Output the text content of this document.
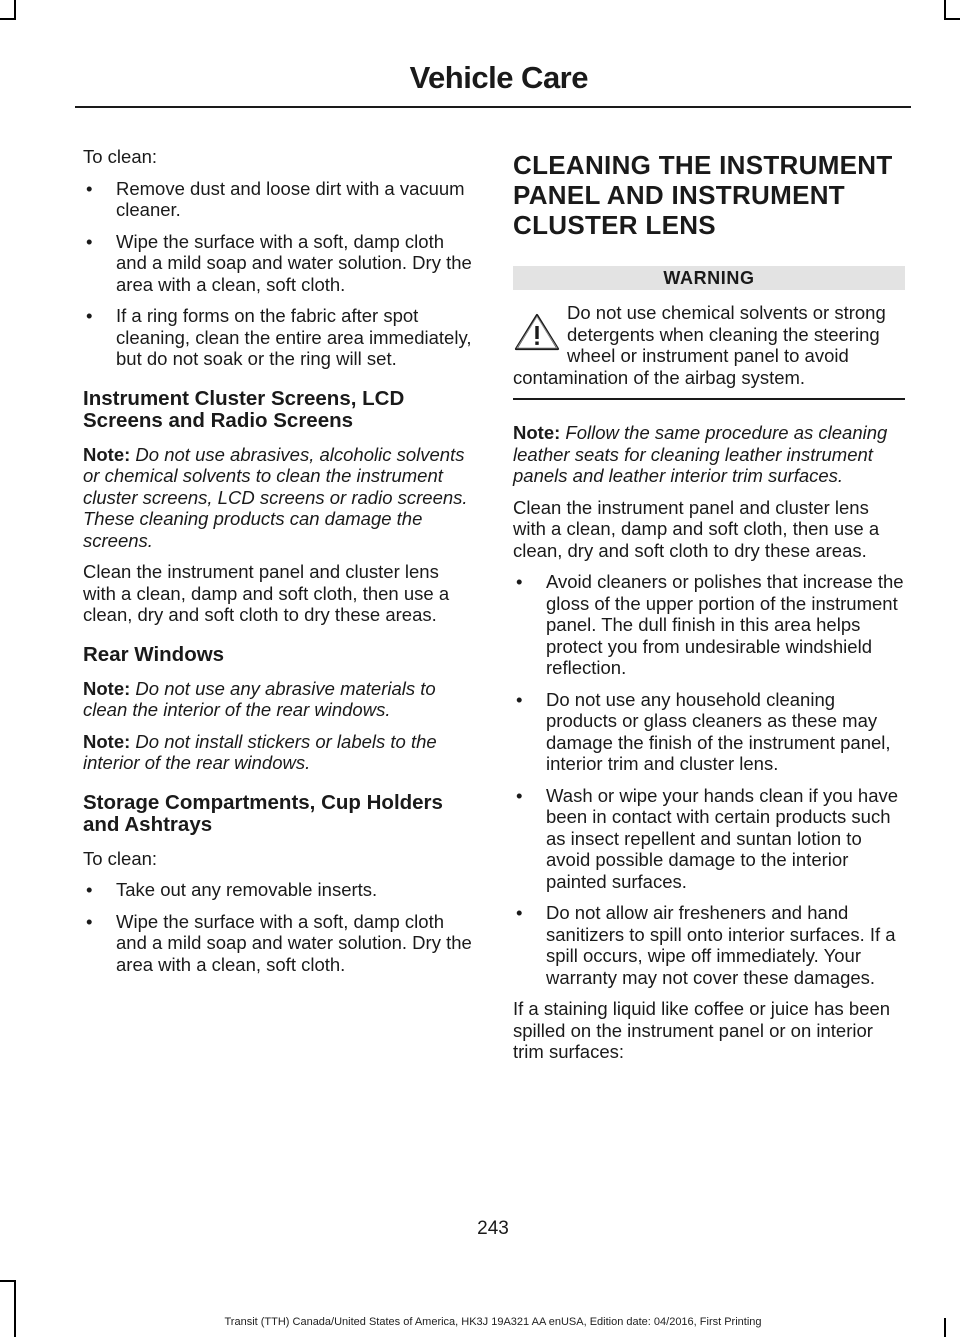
Vehicle Care

To clean:

• Remove dust and loose dirt with a vacuum cleaner.
• Wipe the surface with a soft, damp cloth and a mild soap and water solution. Dry the area with a clean, soft cloth.
• If a ring forms on the fabric after spot cleaning, clean the entire area immediately, but do not soak or the ring will set.
Instrument Cluster Screens, LCD Screens and Radio Screens

Note: Do not use abrasives, alcoholic solvents or chemical solvents to clean the instrument cluster screens, LCD screens or radio screens. These cleaning products can damage the screens.

Clean the instrument panel and cluster lens with a clean, damp and soft cloth, then use a clean, dry and soft cloth to dry these areas.

Rear Windows

Note: Do not use any abrasive materials to clean the interior of the rear windows.

Note: Do not install stickers or labels to the interior of the rear windows.

Storage Compartments, Cup Holders and Ashtrays

To clean:

• Take out any removable inserts.
• Wipe the surface with a soft, damp cloth and a mild soap and water solution. Dry the area with a clean, soft cloth.
CLEANING THE INSTRUMENT PANEL AND INSTRUMENT CLUSTER LENS
WARNING

Do not use chemical solvents or strong detergents when cleaning the steering wheel or instrument panel to avoid contamination of the airbag system.

Note: Follow the same procedure as cleaning leather seats for cleaning leather instrument panels and leather interior trim surfaces.

Clean the instrument panel and cluster lens with a clean, damp and soft cloth, then use a clean, dry and soft cloth to dry these areas.

• Avoid cleaners or polishes that increase the gloss of the upper portion of the instrument panel. The dull finish in this area helps protect you from undesirable windshield reflection.
• Do not use any household cleaning products or glass cleaners as these may damage the finish of the instrument panel, interior trim and cluster lens.
• Wash or wipe your hands clean if you have been in contact with certain products such as insect repellent and suntan lotion to avoid possible damage to the interior painted surfaces.
• Do not allow air fresheners and hand sanitizers to spill onto interior surfaces. If a spill occurs, wipe off immediately. Your warranty may not cover these damages.

If a staining liquid like coffee or juice has been spilled on the instrument panel or on interior trim surfaces:

243
Transit (TTH) Canada/United States of America, HK3J 19A321 AA enUSA, Edition date: 04/2016, First Printing
